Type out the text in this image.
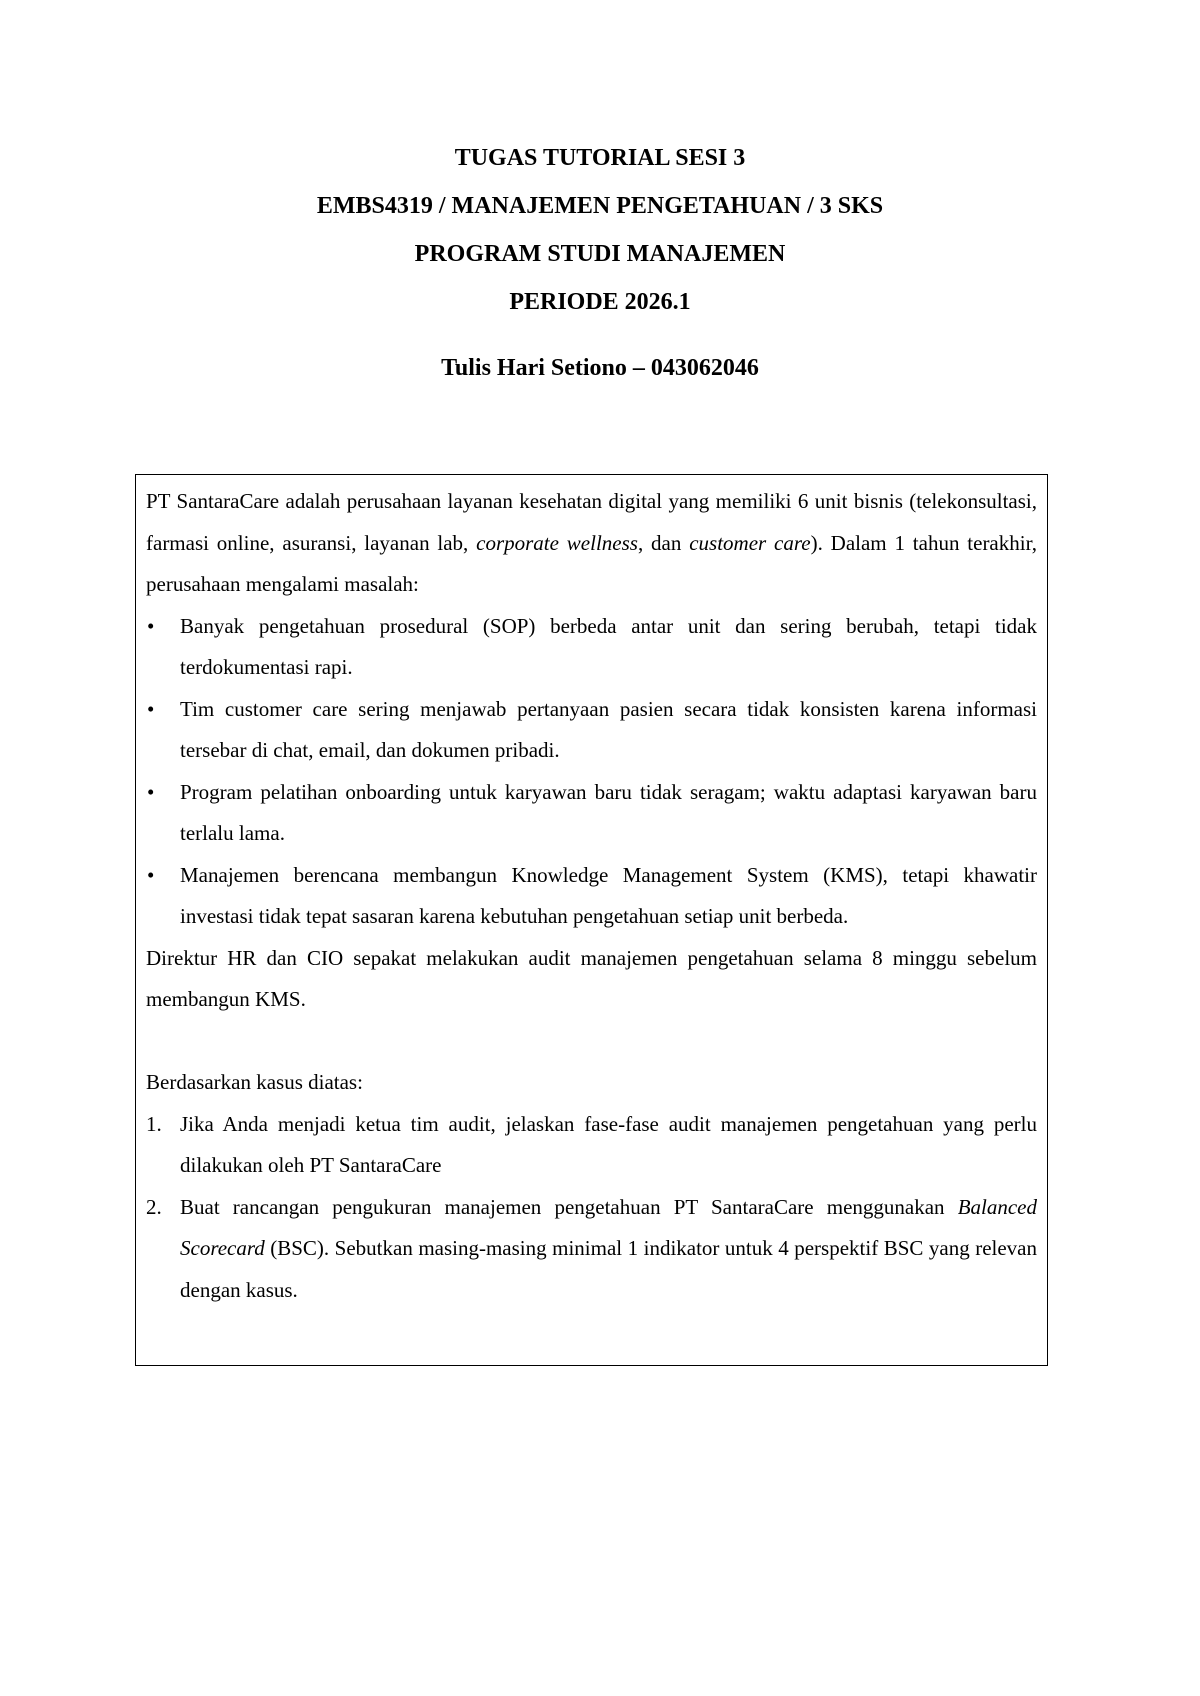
TUGAS TUTORIAL SESI 3
EMBS4319 / MANAJEMEN PENGETAHUAN / 3 SKS
PROGRAM STUDI MANAJEMEN
PERIODE 2026.1
Tulis Hari Setiono – 043062046

PT SantaraCare adalah perusahaan layanan kesehatan digital yang memiliki 6 unit bisnis (telekonsultasi, farmasi online, asuransi, layanan lab, corporate wellness, dan customer care). Dalam 1 tahun terakhir, perusahaan mengalami masalah:

•	Banyak pengetahuan prosedural (SOP) berbeda antar unit dan sering berubah, tetapi tidak terdokumentasi rapi.
•	Tim customer care sering menjawab pertanyaan pasien secara tidak konsisten karena informasi tersebar di chat, email, dan dokumen pribadi.
•	Program pelatihan onboarding untuk karyawan baru tidak seragam; waktu adaptasi karyawan baru terlalu lama.
•	Manajemen berencana membangun Knowledge Management System (KMS), tetapi khawatir investasi tidak tepat sasaran karena kebutuhan pengetahuan setiap unit berbeda.

Direktur HR dan CIO sepakat melakukan audit manajemen pengetahuan selama 8 minggu sebelum membangun KMS.

Berdasarkan kasus diatas:

1. Jika Anda menjadi ketua tim audit, jelaskan fase-fase audit manajemen pengetahuan yang perlu dilakukan oleh PT SantaraCare
2. Buat rancangan pengukuran manajemen pengetahuan PT SantaraCare menggunakan Balanced Scorecard (BSC). Sebutkan masing-masing minimal 1 indikator untuk 4 perspektif BSC yang relevan dengan kasus.
